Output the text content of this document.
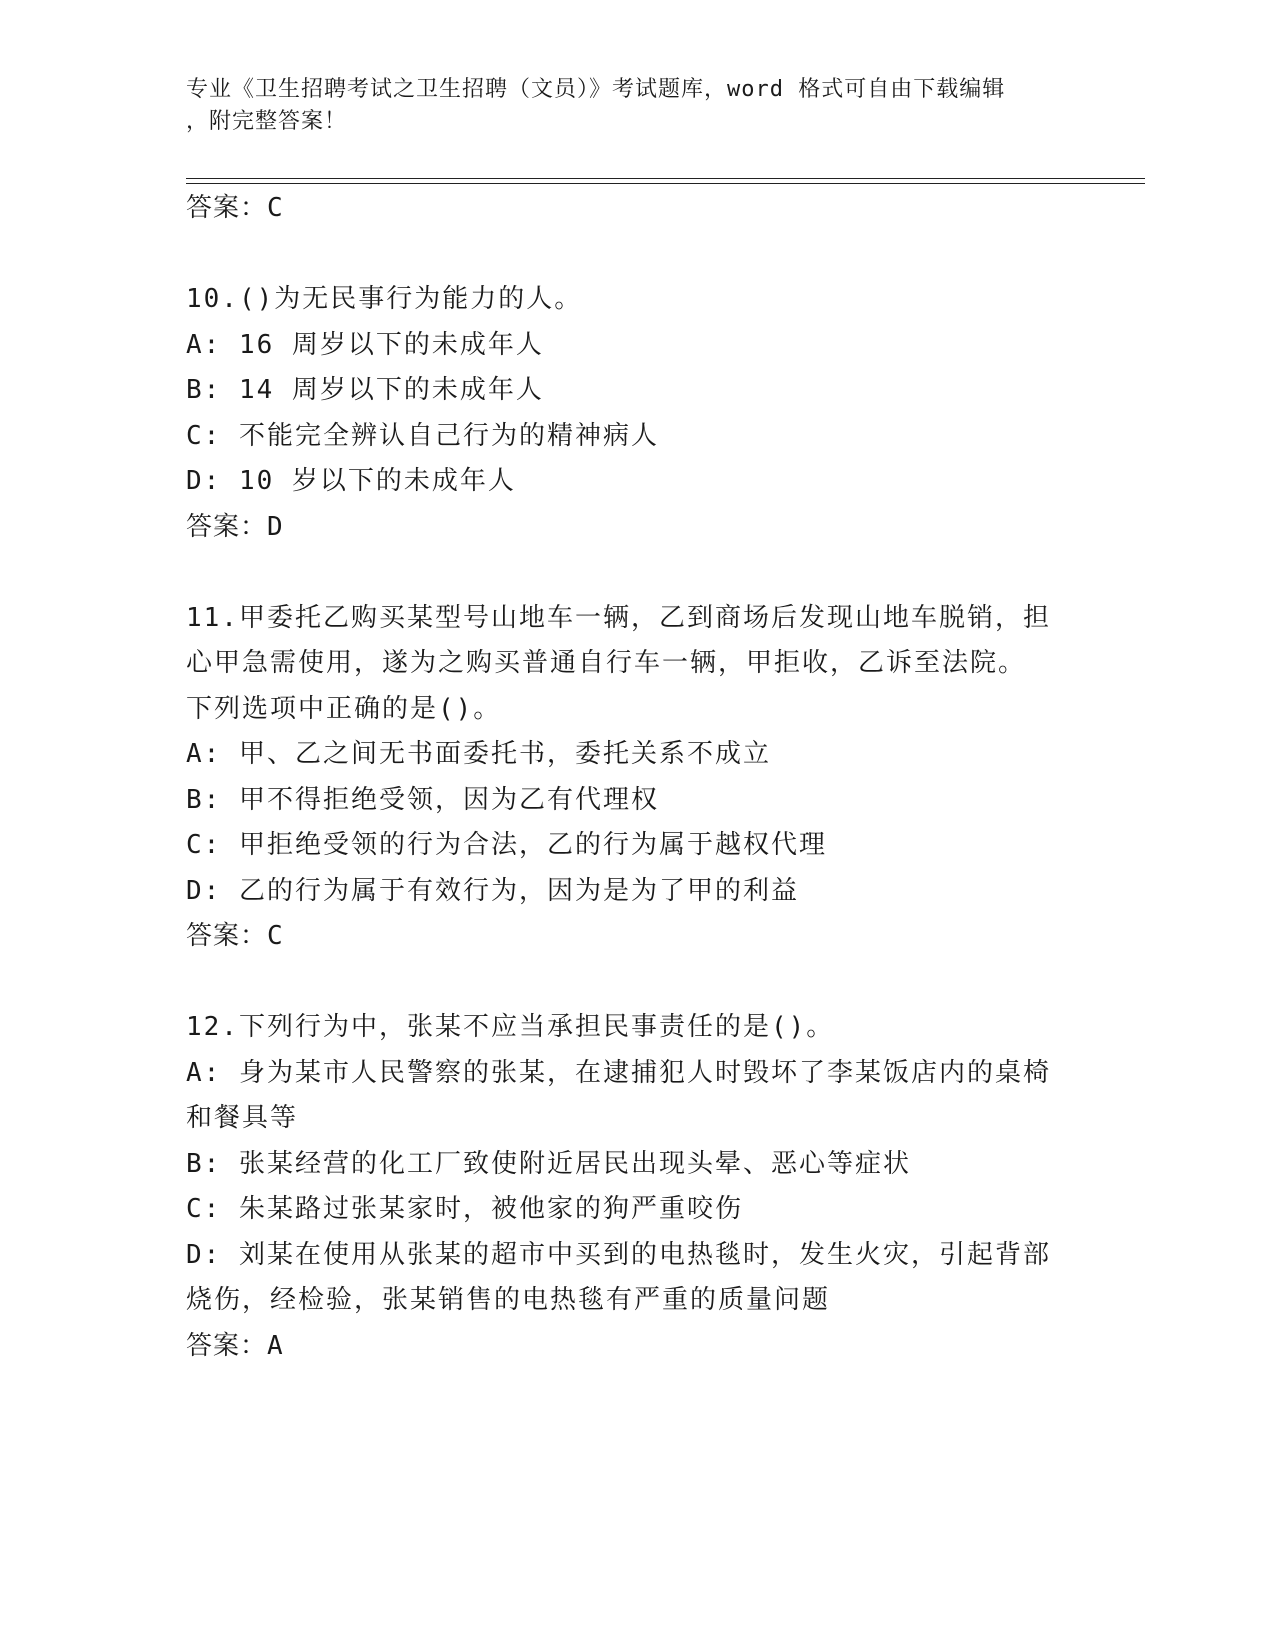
专业《卫生招聘考试之卫生招聘（文员）》考试题库，word 格式可自由下载编辑
，附完整答案！
答案：C
10.()为无民事行为能力的人。
A: 16 周岁以下的未成年人
B: 14 周岁以下的未成年人
C: 不能完全辨认自己行为的精神病人
D: 10 岁以下的未成年人
答案：D
11.甲委托乙购买某型号山地车一辆，乙到商场后发现山地车脱销，担
心甲急需使用，遂为之购买普通自行车一辆，甲拒收，乙诉至法院。
下列选项中正确的是()。
A: 甲、乙之间无书面委托书，委托关系不成立
B: 甲不得拒绝受领，因为乙有代理权
C: 甲拒绝受领的行为合法，乙的行为属于越权代理
D: 乙的行为属于有效行为，因为是为了甲的利益
答案：C
12.下列行为中，张某不应当承担民事责任的是()。
A: 身为某市人民警察的张某，在逮捕犯人时毁坏了李某饭店内的桌椅
和餐具等
B: 张某经营的化工厂致使附近居民出现头晕、恶心等症状
C: 朱某路过张某家时，被他家的狗严重咬伤
D: 刘某在使用从张某的超市中买到的电热毯时，发生火灾，引起背部
烧伤，经检验，张某销售的电热毯有严重的质量问题
答案：A
